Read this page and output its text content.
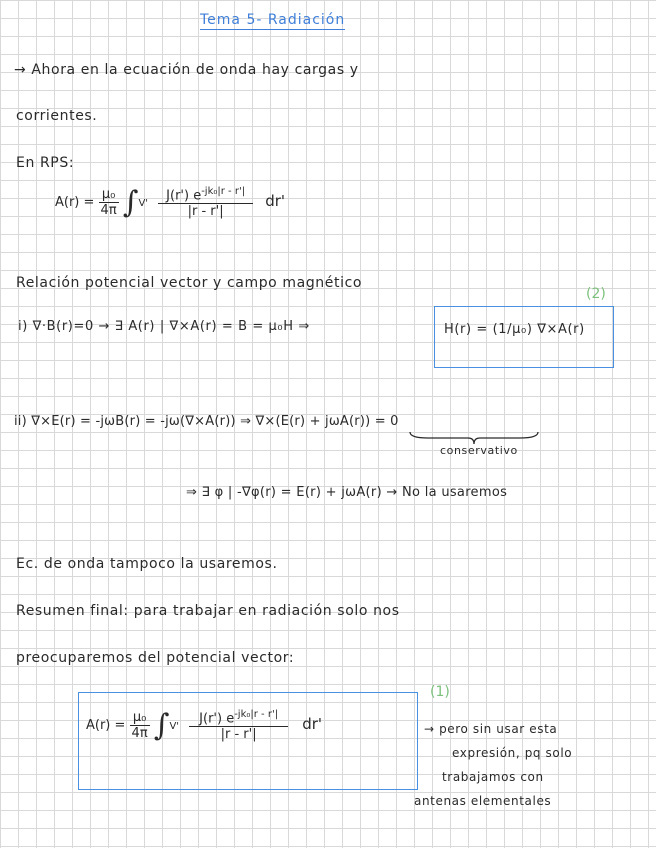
Tema 5- Radiación
→ Ahora en la ecuación de onda hay cargas y
corrientes.
En RPS:
$A(r) = \frac{\text{μ₀}}{4\pi} \int V' \frac{J(r') e^{-jk_0|r - r'|}}{|r - r'|} dr'$
Relación potencial vector y campo magnético
(2)
i) ∇·B(r)=0 → ∃ A(r) | ∇×A(r) = B = μ₀H ⇒	H(r) = (1/μ₀) ∇×A(r)
ii) ∇×E(r) = -jωB(r) = -jω(∇×A(r)) ⇒ ∇×(E(r) + jωA(r)) = 0
conservativo
⇒ ∃ φ | -∇φ(r) = E(r) + jωA(r) → No la usaremos
Ec. de onda tampoco la usaremos.
Resumen final: para trabajar en radiación solo nos
preocuparemos del potencial vector:
(1)
$A(r) = \frac{\text{μ₀}}{4\pi} \int V' \frac{J(r') e^{-jk_0|r - r'|}}{|r - r'|} dr'$	→ pero sin usar esta
expresión, pq solo
trabajamos con
antenas elementales
